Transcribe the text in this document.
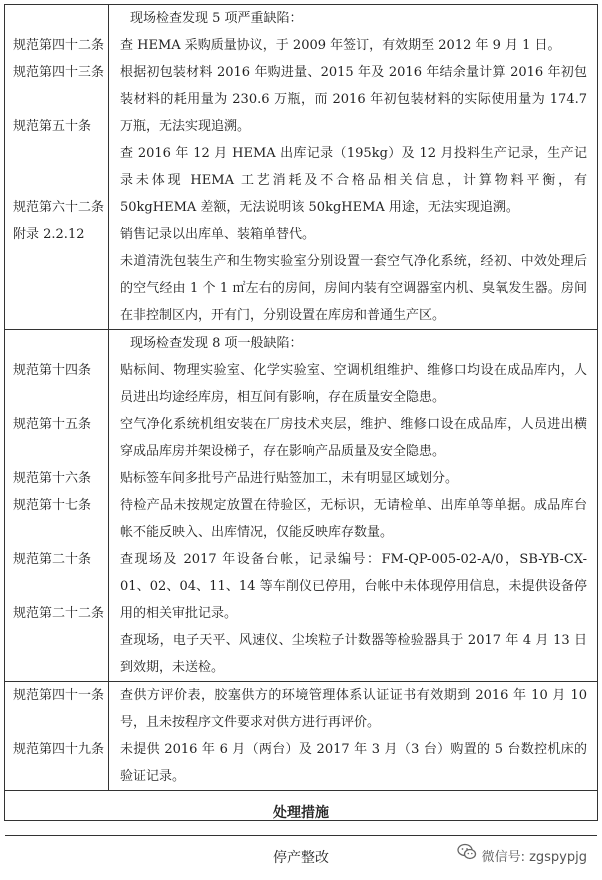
规范第四十二条
规范第四十三条
规范第五十条
规范第六十二条
附录 2.2.12
现场检查发现 5 项严重缺陷：
查 HEMA 采购质量协议，于 2009 年签订，有效期至 2012 年 9 月 1 日。
根据初包装材料 2016 年购进量、2015 年及 2016 年结余量计算 2016 年初包装材料的耗用量为 230.6 万瓶，而 2016 年初包装材料的实际使用量为 174.7 万瓶，无法实现追溯。
查 2016 年 12 月 HEMA 出库记录（195kg）及 12 月投料生产记录，生产记录未体现 HEMA 工艺消耗及不合格品相关信息，计算物料平衡，有 50kgHEMA 差额，无法说明该 50kgHEMA 用途，无法实现追溯。
销售记录以出库单、装箱单替代。
未道清洗包装生产和生物实验室分别设置一套空气净化系统，经初、中效处理后的空气经由 1 个 1 ㎡左右的房间，房间内装有空调器室内机、臭氧发生器。房间在非控制区内，开有门，分别设置在库房和普通生产区。
规范第十四条
规范第十五条
规范第十六条
规范第十七条
规范第二十条
规范第二十二条
现场检查发现 8 项一般缺陷：
贴标间、物理实验室、化学实验室、空调机组维护、维修口均设在成品库内，人员进出均途经库房，相互间有影响，存在质量安全隐患。
空气净化系统机组安装在厂房技术夹层，维护、维修口设在成品库，人员进出横穿成品库房并架设梯子，存在影响产品质量及安全隐患。
贴标签车间多批号产品进行贴签加工，未有明显区域划分。
待检产品未按规定放置在待验区，无标识，无请检单、出库单等单据。成品库台帐不能反映入、出库情况，仅能反映库存数量。
查现场及 2017 年设备台帐，记录编号：FM-QP-005-02-A/0，SB-YB-CX-01、02、04、11、14 等车削仪已停用，台帐中未体现停用信息，未提供设备停用的相关审批记录。
查现场，电子天平、风速仪、尘埃粒子计数器等检验器具于 2017 年 4 月 13 日到效期，未送检。
规范第四十一条
规范第四十九条
查供方评价表，胶塞供方的环境管理体系认证证书有效期到 2016 年 10 月 10 号，且未按程序文件要求对供方进行再评价。
未提供 2016 年 6 月（两台）及 2017 年 3 月（3 台）购置的 5 台数控机床的验证记录。
处理措施
停产整改	微信号: zgspypjg
